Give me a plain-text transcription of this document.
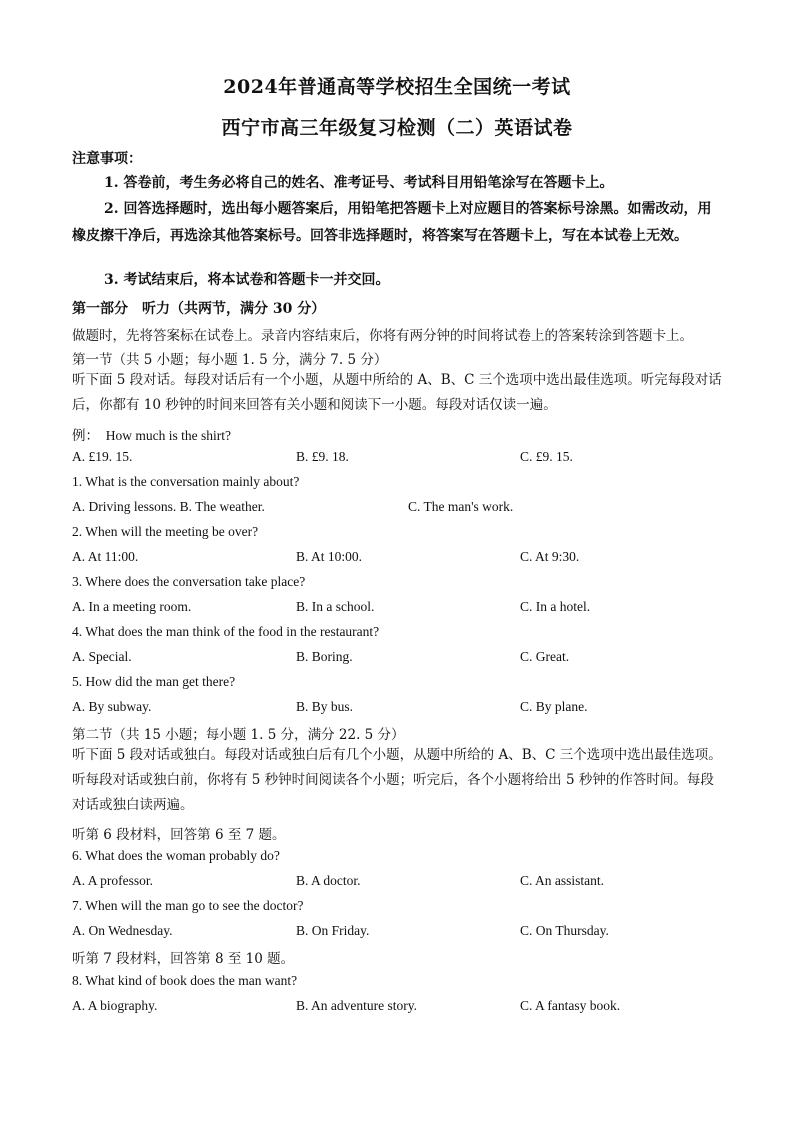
2024年普通高等学校招生全国统一考试
西宁市高三年级复习检测（二）英语试卷
注意事项：
1. 答卷前，考生务必将自己的姓名、准考证号、考试科目用铅笔涂写在答题卡上。
2. 回答选择题时，选出每小题答案后，用铅笔把答题卡上对应题目的答案标号涂黑。如需改动，用橡皮擦干净后，再选涂其他答案标号。回答非选择题时，将答案写在答题卡上，写在本试卷上无效。
3. 考试结束后，将本试卷和答题卡一并交回。
第一部分　听力（共两节，满分 30 分）
做题时，先将答案标在试卷上。录音内容结束后，你将有两分钟的时间将试卷上的答案转涂到答题卡上。
第一节（共 5 小题；每小题 1. 5 分，满分 7. 5 分）
听下面 5 段对话。每段对话后有一个小题，从题中所给的 A、B、C 三个选项中选出最佳选项。听完每段对话后，你都有 10 秒钟的时间来回答有关小题和阅读下一小题。每段对话仅读一遍。
例：　How much is the shirt?
A. £19. 15.	B. £9. 18.	C. £9. 15.
1. What is the conversation mainly about?
A. Driving lessons. B. The weather.	C. The man's work.
2. When will the meeting be over?
A. At 11:00.	B. At 10:00.	C. At 9:30.
3. Where does the conversation take place?
A. In a meeting room.	B. In a school.	C. In a hotel.
4. What does the man think of the food in the restaurant?
A. Special.	B. Boring.	C. Great.
5. How did the man get there?
A. By subway.	B. By bus.	C. By plane.
第二节（共 15 小题；每小题 1. 5 分，满分 22. 5 分）
听下面 5 段对话或独白。每段对话或独白后有几个小题，从题中所给的 A、B、C 三个选项中选出最佳选项。听每段对话或独白前，你将有 5 秒钟时间阅读各个小题；听完后，各个小题将给出 5 秒钟的作答时间。每段对话或独白读两遍。
听第 6 段材料，回答第 6 至 7 题。
6. What does the woman probably do?
A. A professor.	B. A doctor.	C. An assistant.
7. When will the man go to see the doctor?
A. On Wednesday.	B. On Friday.	C. On Thursday.
听第 7 段材料，回答第 8 至 10 题。
8. What kind of book does the man want?
A. A biography.	B. An adventure story.	C. A fantasy book.
